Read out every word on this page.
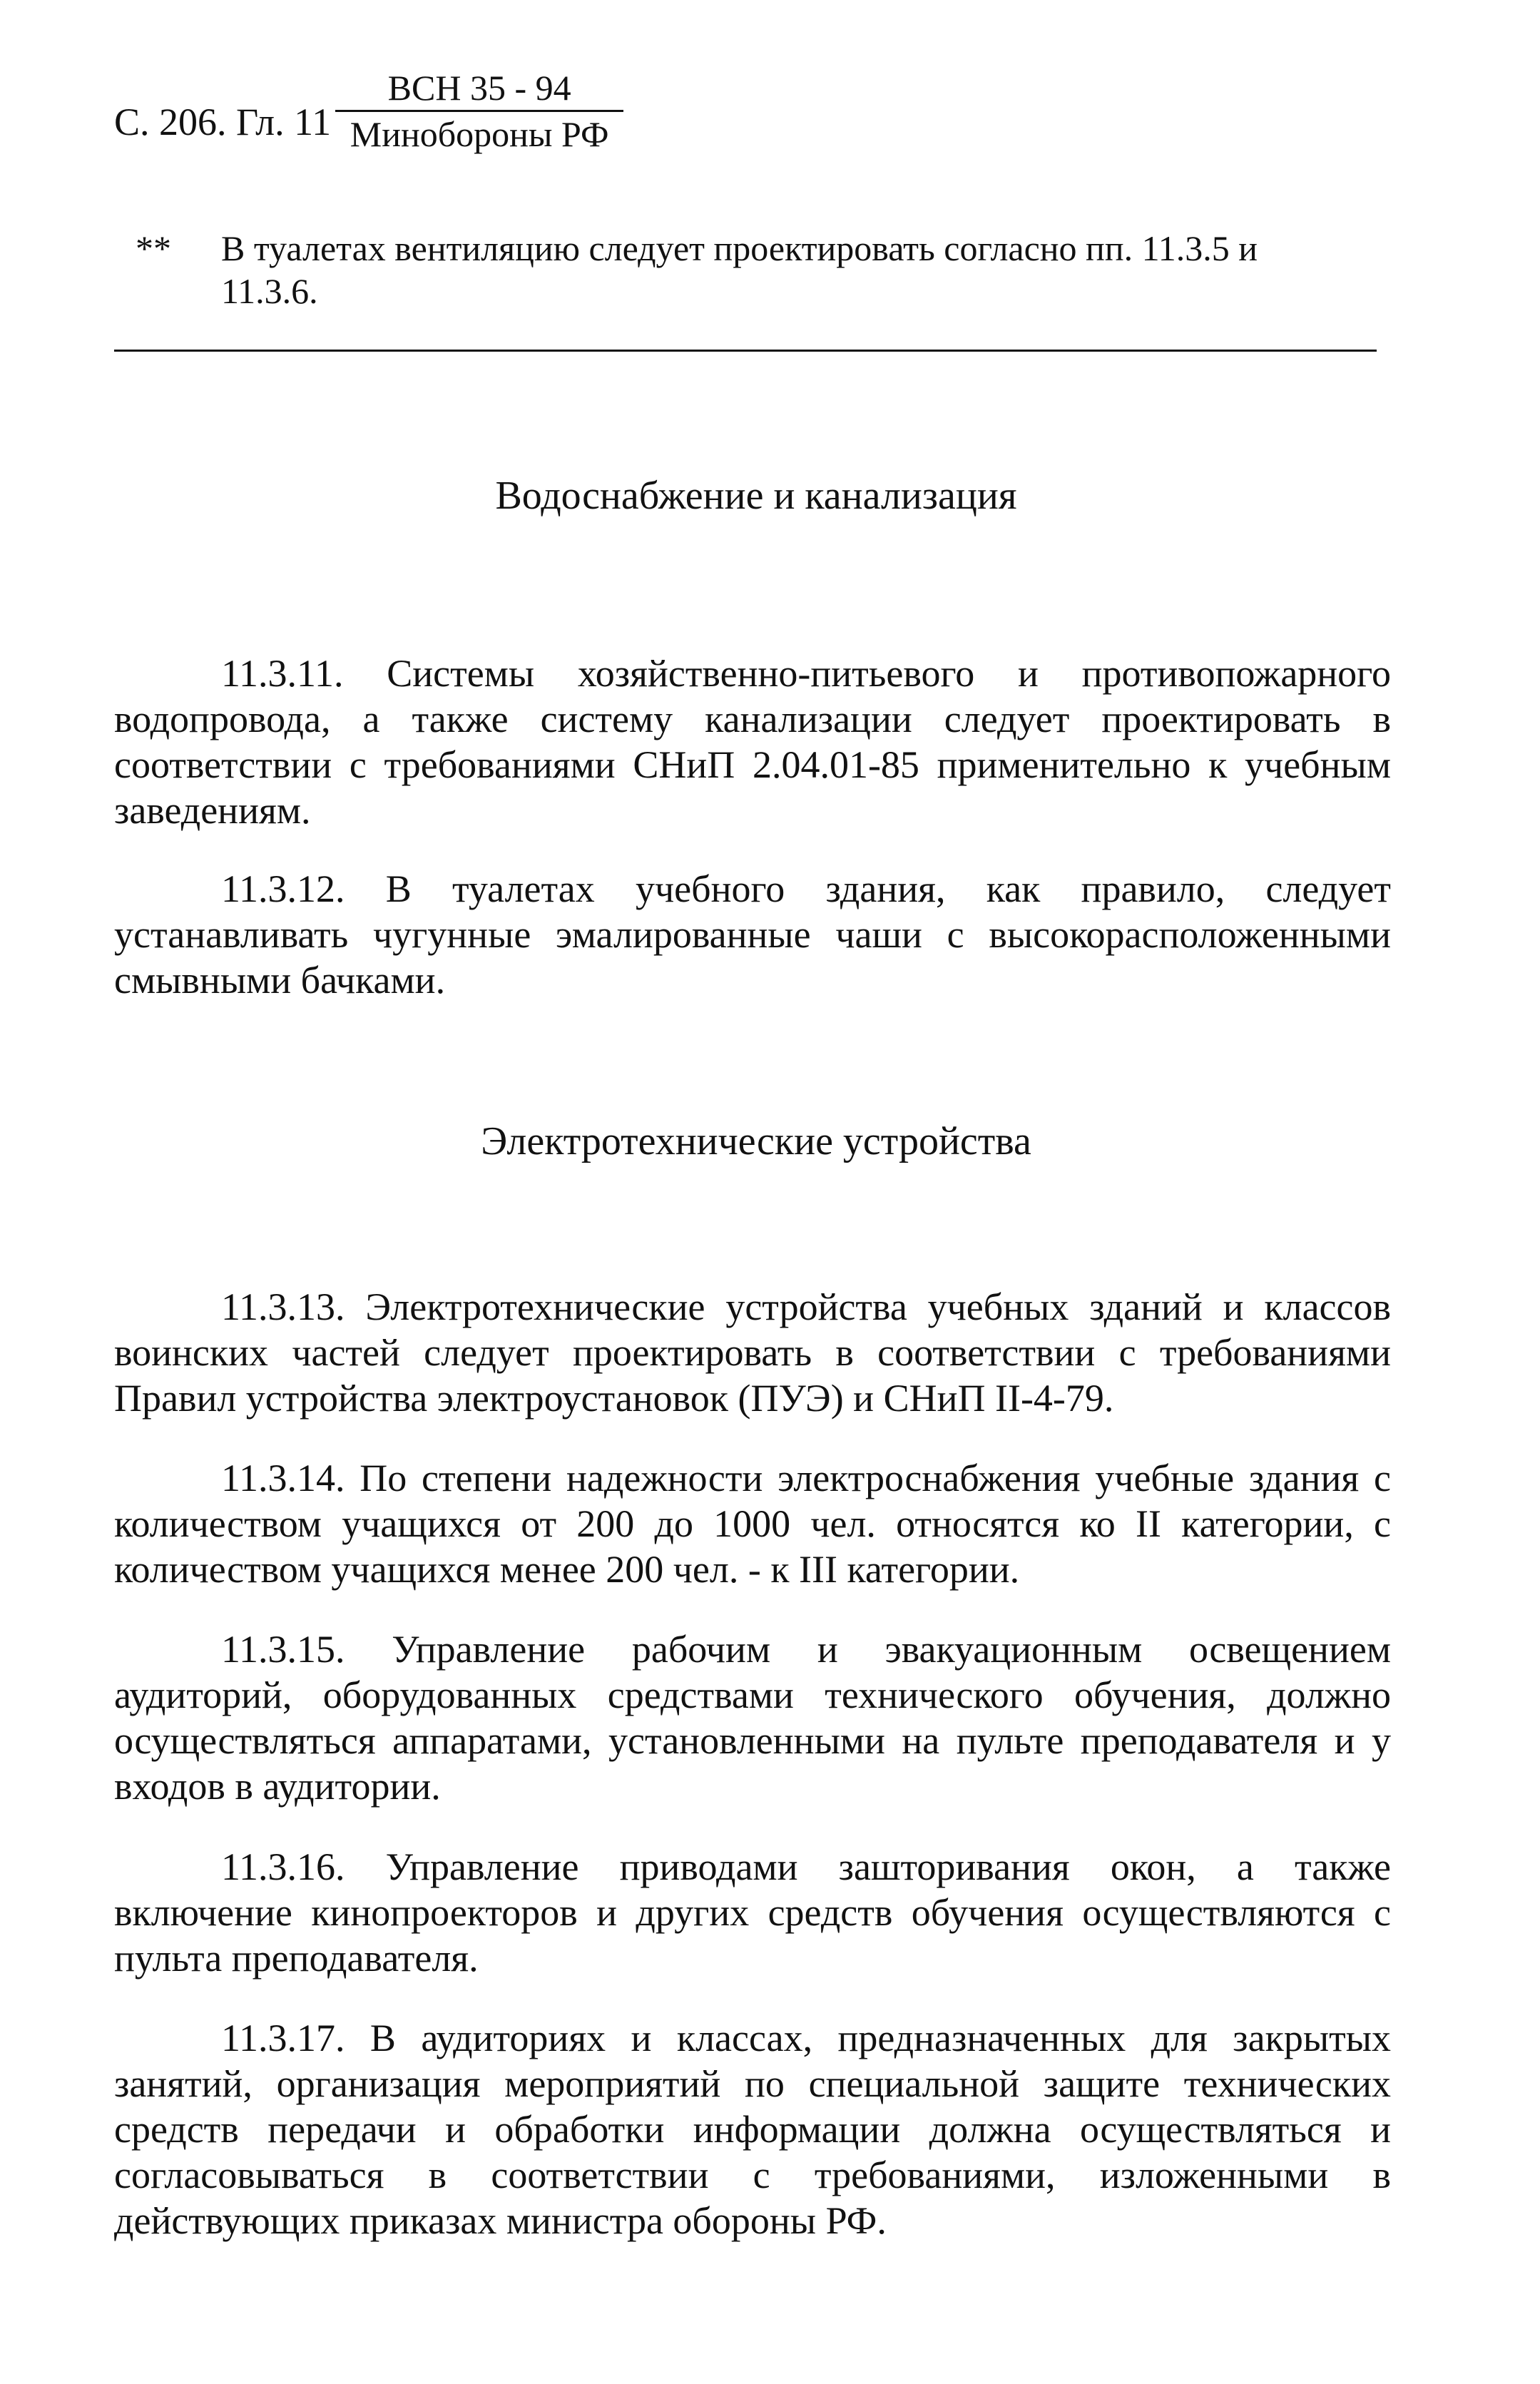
С. 206. Гл. $11 \frac{\text{ВСН 35 - 94}}{\text{Минобороны РФ}}$
**	В туалетах вентиляцию следует проектировать согласно пп. 11.3.5 и 11.3.6.
Водоснабжение и канализация

11.3.11. Системы хозяйственно-питьевого и противопожарного водопровода, а также систему канализации следует проектировать в соответствии с требованиями СНиП 2.04.01-85 применительно к учебным заведениям.

11.3.12. В туалетах учебного здания, как правило, следует устанавливать чугунные эмалированные чаши с высокорасположенными смывными бачками.

Электротехнические устройства

11.3.13. Электротехнические устройства учебных зданий и классов воинских частей следует проектировать в соответствии с требованиями Правил устройства электроустановок (ПУЭ) и СНиП II-4-79.

11.3.14. По степени надежности электроснабжения учебные здания с количеством учащихся от 200 до 1000 чел. относятся ко II категории, с количеством учащихся менее 200 чел. - к III категории.

11.3.15. Управление рабочим и эвакуационным освещением аудиторий, оборудованных средствами технического обучения, должно осуществляться аппаратами, установленными на пульте преподавателя и у входов в аудитории.

11.3.16. Управление приводами зашторивания окон, а также включение кинопроекторов и других средств обучения осуществляются с пульта преподавателя.

11.3.17. В аудиториях и классах, предназначенных для закрытых занятий, организация мероприятий по специальной защите технических средств передачи и обработки информации должна осуществляться и согласовываться в соответствии с требованиями, изложенными в действующих приказах министра обороны РФ.
